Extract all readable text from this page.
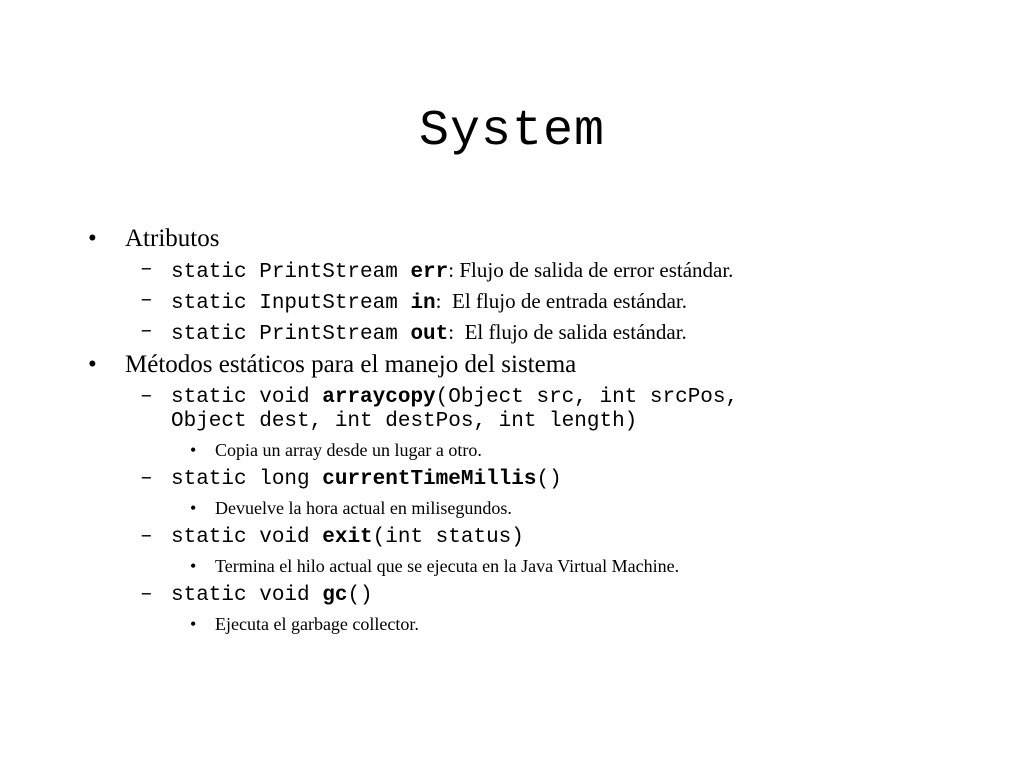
System
• Atributos
– static PrintStream err: Flujo de salida de error estándar.
– static InputStream in:  El flujo de entrada estándar.
– static PrintStream out:  El flujo de salida estándar.
• Métodos estáticos para el manejo del sistema
– static void arraycopy(Object src, int srcPos,
Object dest, int destPos, int length)
• Copia un array desde un lugar a otro.
– static long currentTimeMillis()
• Devuelve la hora actual en milisegundos.
– static void exit(int status)
• Termina el hilo actual que se ejecuta en la Java Virtual Machine.
– static void gc()
• Ejecuta el garbage collector.
